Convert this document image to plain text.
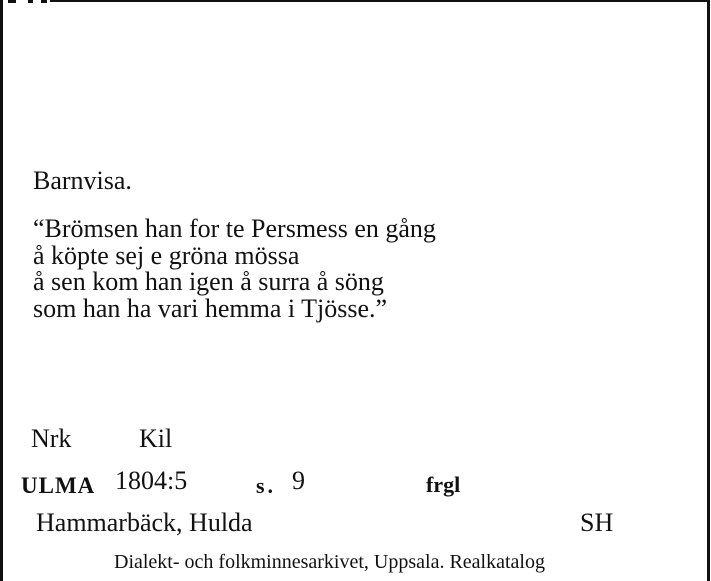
Barnvisa.
“Brömsen han for te Persmess en gång
å köpte sej e gröna mössa
å sen kom han igen å surra å söng
som han ha vari hemma i Tjösse.”
Nrk	Kil
ULMA 1804:5	s. 9	frgl
Hammarbäck, Hulda	SH
Dialekt- och folkminnesarkivet, Uppsala. Realkatalog
